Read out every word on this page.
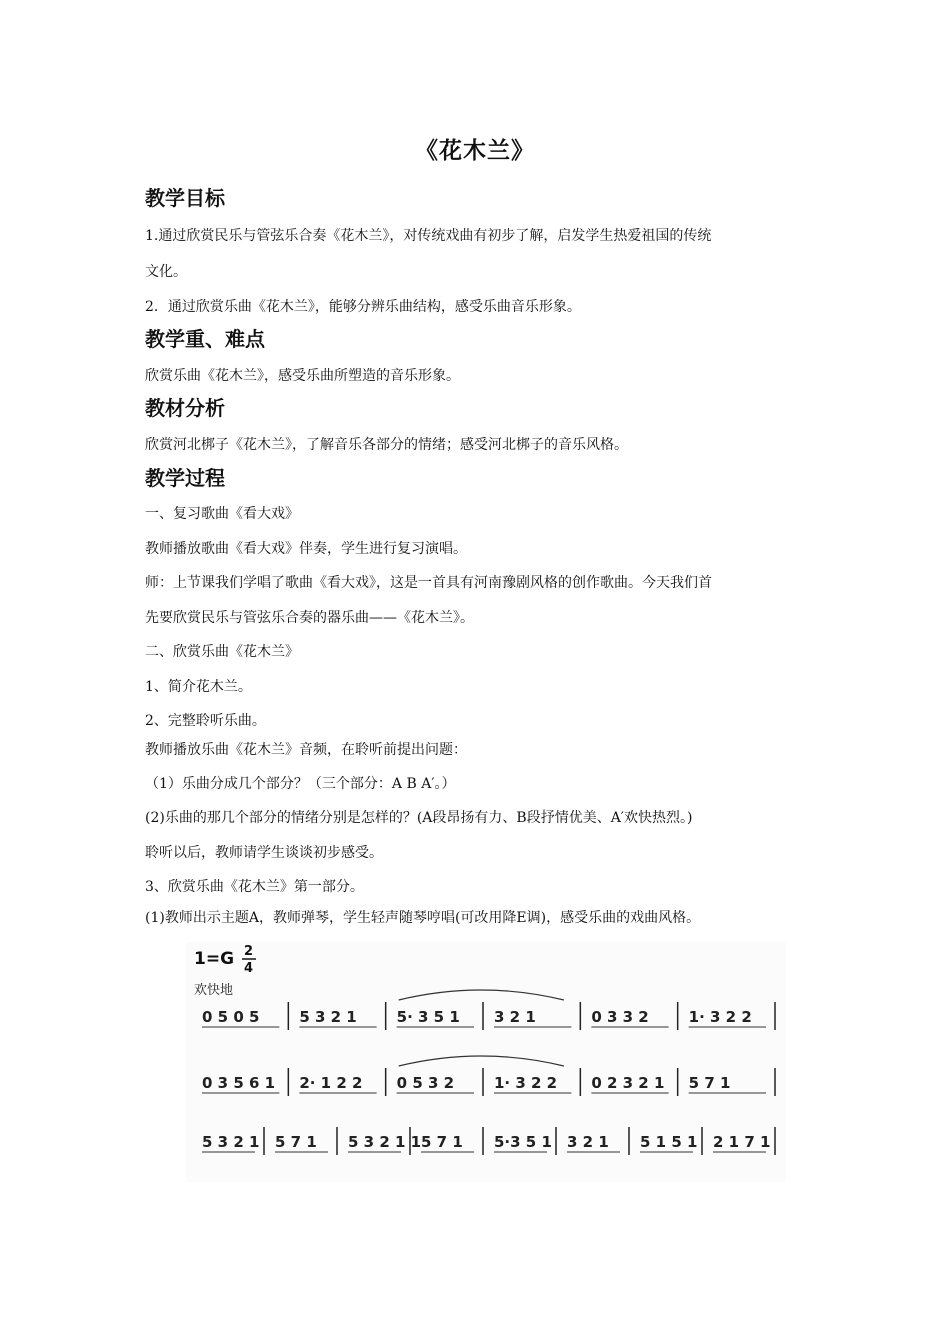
《花木兰》
教学目标
1.通过欣赏民乐与管弦乐合奏《花木兰》，对传统戏曲有初步了解，启发学生热爱祖国的传统
文化。
2．通过欣赏乐曲《花木兰》，能够分辨乐曲结构，感受乐曲音乐形象。
教学重、难点
欣赏乐曲《花木兰》，感受乐曲所塑造的音乐形象。
教材分析
欣赏河北梆子《花木兰》，了解音乐各部分的情绪；感受河北梆子的音乐风格。
教学过程
一、复习歌曲《看大戏》
教师播放歌曲《看大戏》伴奏，学生进行复习演唱。
师：上节课我们学唱了歌曲《看大戏》，这是一首具有河南豫剧风格的创作歌曲。今天我们首
先要欣赏民乐与管弦乐合奏的器乐曲——《花木兰》。
二、欣赏乐曲《花木兰》
1、简介花木兰。
2、完整聆听乐曲。
教师播放乐曲《花木兰》音频，在聆听前提出问题：
（1）乐曲分成几个部分？（三个部分：A B A′。）
(2)乐曲的那几个部分的情绪分别是怎样的？(A段昂扬有力、B段抒情优美、A′欢快热烈。)
聆听以后，教师请学生谈谈初步感受。
3、欣赏乐曲《花木兰》第一部分。
(1)教师出示主题A，教师弹琴，学生轻声随琴哼唱(可改用降E调)，感受乐曲的戏曲风格。
1=G 2
4
欢快地
0 5 0 5	5 3 2 1	5· 3 5 1 3 2 1	0 3 3 2	1· 3 2 2
0 3 5 6 1 2· 1 2 2 0 5 3 2	1· 3 2 2 0 2 3 2 1 5 7 1
5 3 2 1 5 7 1 5 3 2 1 1 5 7 1 5·3 5 1 3 2 1 5 1 5 1 2 1 7 1
